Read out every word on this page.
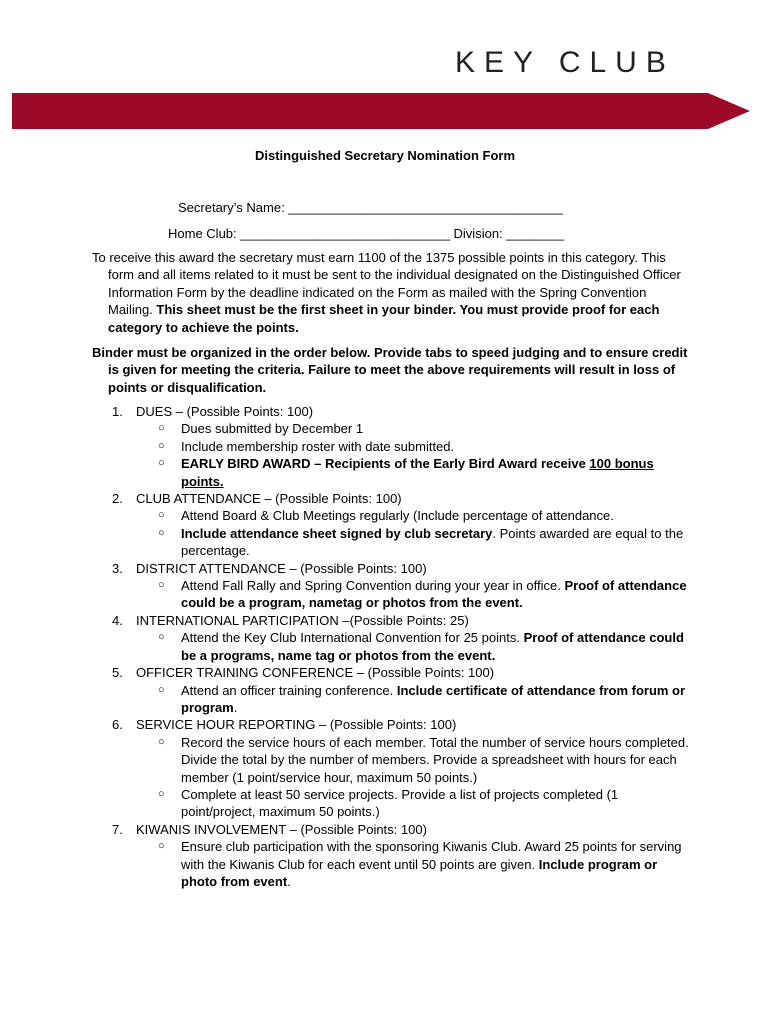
KEY CLUB
Distinguished Secretary Nomination Form
Secretary’s Name: ______________________________________
Home Club: _____________________________ Division: ________
To receive this award the secretary must earn 1100 of the 1375 possible points in this category. This form and all items related to it must be sent to the individual designated on the Distinguished Officer Information Form by the deadline indicated on the Form as mailed with the Spring Convention Mailing. This sheet must be the first sheet in your binder. You must provide proof for each category to achieve the points.
Binder must be organized in the order below. Provide tabs to speed judging and to ensure credit is given for meeting the criteria. Failure to meet the above requirements will result in loss of points or disqualification.
1. DUES – (Possible Points: 100)
○ Dues submitted by December 1
○ Include membership roster with date submitted.
○ EARLY BIRD AWARD – Recipients of the Early Bird Award receive 100 bonus points.
2. CLUB ATTENDANCE – (Possible Points: 100)
○ Attend Board & Club Meetings regularly (Include percentage of attendance.
○ Include attendance sheet signed by club secretary. Points awarded are equal to the percentage.
3. DISTRICT ATTENDANCE – (Possible Points: 100)
○ Attend Fall Rally and Spring Convention during your year in office. Proof of attendance could be a program, nametag or photos from the event.
4. INTERNATIONAL PARTICIPATION –(Possible Points: 25)
○ Attend the Key Club International Convention for 25 points. Proof of attendance could be a programs, name tag or photos from the event.
5. OFFICER TRAINING CONFERENCE – (Possible Points: 100)
○ Attend an officer training conference. Include certificate of attendance from forum or program.
6. SERVICE HOUR REPORTING – (Possible Points: 100)
○ Record the service hours of each member. Total the number of service hours completed. Divide the total by the number of members. Provide a spreadsheet with hours for each member (1 point/service hour, maximum 50 points.)
○ Complete at least 50 service projects. Provide a list of projects completed (1 point/project, maximum 50 points.)
7. KIWANIS INVOLVEMENT – (Possible Points: 100)
○ Ensure club participation with the sponsoring Kiwanis Club. Award 25 points for serving with the Kiwanis Club for each event until 50 points are given. Include program or photo from event.
